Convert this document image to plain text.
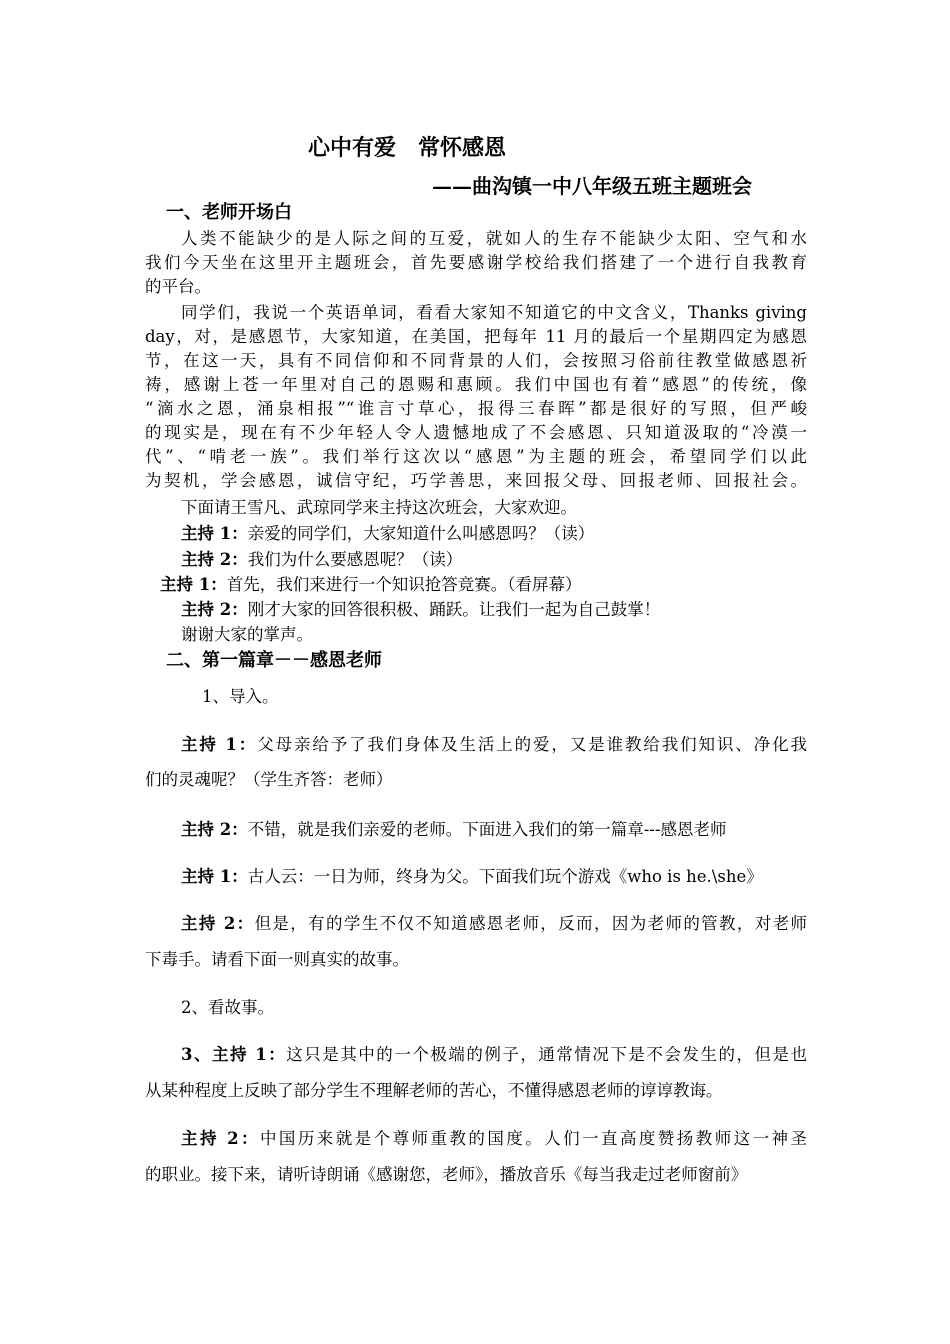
心中有爱　常怀感恩
——曲沟镇一中八年级五班主题班会
一、老师开场白
人类不能缺少的是人际之间的互爱，就如人的生存不能缺少太阳、空气和水
我们今天坐在这里开主题班会，首先要感谢学校给我们搭建了一个进行自我教育
的平台。
同学们，我说一个英语单词，看看大家知不知道它的中文含义，Thanks giving
day，对，是感恩节，大家知道，在美国，把每年 11 月的最后一个星期四定为感恩
节，在这一天，具有不同信仰和不同背景的人们，会按照习俗前往教堂做感恩祈
祷，感谢上苍一年里对自己的恩赐和惠顾。我们中国也有着“感恩”的传统，像
“滴水之恩，涌泉相报”“谁言寸草心，报得三春晖”都是很好的写照，但严峻
的现实是，现在有不少年轻人令人遗憾地成了不会感恩、只知道汲取的“冷漠一
代”、“啃老一族”。我们举行这次以“感恩”为主题的班会，希望同学们以此
为契机，学会感恩，诚信守纪，巧学善思，来回报父母、回报老师、回报社会。
下面请王雪凡、武琼同学来主持这次班会，大家欢迎。
主持 1：亲爱的同学们，大家知道什么叫感恩吗？（读）
主持 2：我们为什么要感恩呢？（读）
主持 1：首先，我们来进行一个知识抢答竞赛。（看屏幕）
主持 2：刚才大家的回答很积极、踊跃。让我们一起为自己鼓掌！
谢谢大家的掌声。
二、第一篇章－－感恩老师
1、导入。
主持 1：父母亲给予了我们身体及生活上的爱，又是谁教给我们知识、净化我
们的灵魂呢？（学生齐答：老师）
主持 2：不错，就是我们亲爱的老师。下面进入我们的第一篇章---感恩老师
主持 1：古人云：一日为师，终身为父。下面我们玩个游戏《who is he.\she》
主持 2：但是，有的学生不仅不知道感恩老师，反而，因为老师的管教，对老师
下毒手。请看下面一则真实的故事。
2、看故事。
3、主持 1：这只是其中的一个极端的例子，通常情况下是不会发生的，但是也
从某种程度上反映了部分学生不理解老师的苦心，不懂得感恩老师的谆谆教诲。
主持 2：中国历来就是个尊师重教的国度。人们一直高度赞扬教师这一神圣
的职业。接下来，请听诗朗诵《感谢您，老师》，播放音乐《每当我走过老师窗前》
